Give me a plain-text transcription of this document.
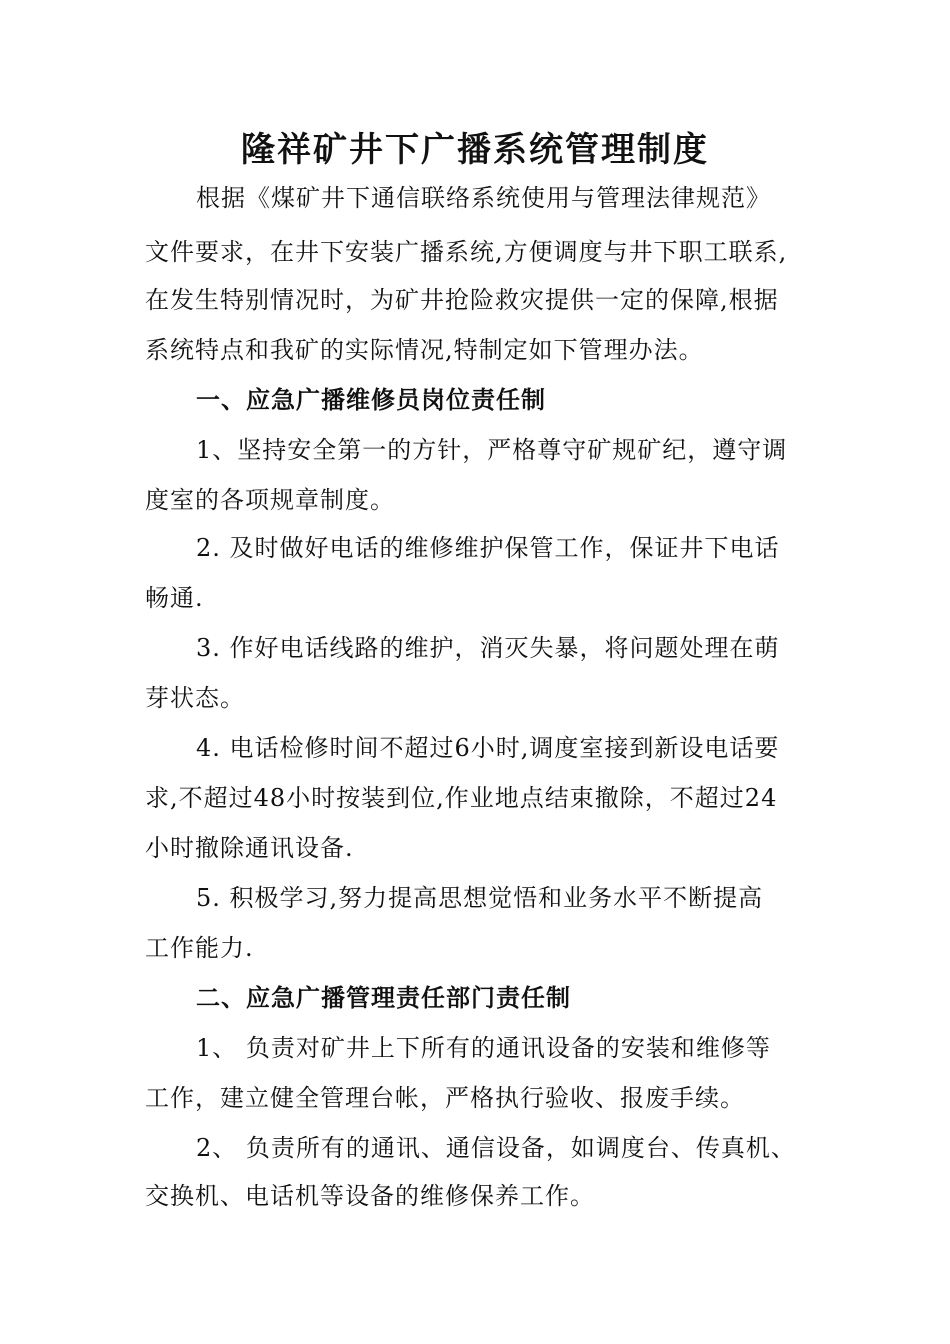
隆祥矿井下广播系统管理制度
根据《煤矿井下通信联络系统使用与管理法律规范》
文件要求，在井下安装广播系统,方便调度与井下职工联系,
在发生特别情况时，为矿井抢险救灾提供一定的保障,根据
系统特点和我矿的实际情况,特制定如下管理办法。
一、应急广播维修员岗位责任制
1、坚持安全第一的方针，严格尊守矿规矿纪，遵守调
度室的各项规章制度。
2. 及时做好电话的维修维护保管工作，保证井下电话
畅通.
3. 作好电话线路的维护，消灭失暴，将问题处理在萌
芽状态。
4. 电话检修时间不超过6小时,调度室接到新设电话要
求,不超过48小时按装到位,作业地点结束撤除，不超过24
小时撤除通讯设备.
5. 积极学习,努力提高思想觉悟和业务水平不断提高
工作能力.
二、应急广播管理责任部门责任制
1、 负责对矿井上下所有的通讯设备的安装和维修等
工作，建立健全管理台帐，严格执行验收、报废手续。
2、 负责所有的通讯、通信设备，如调度台、传真机、
交换机、电话机等设备的维修保养工作。
